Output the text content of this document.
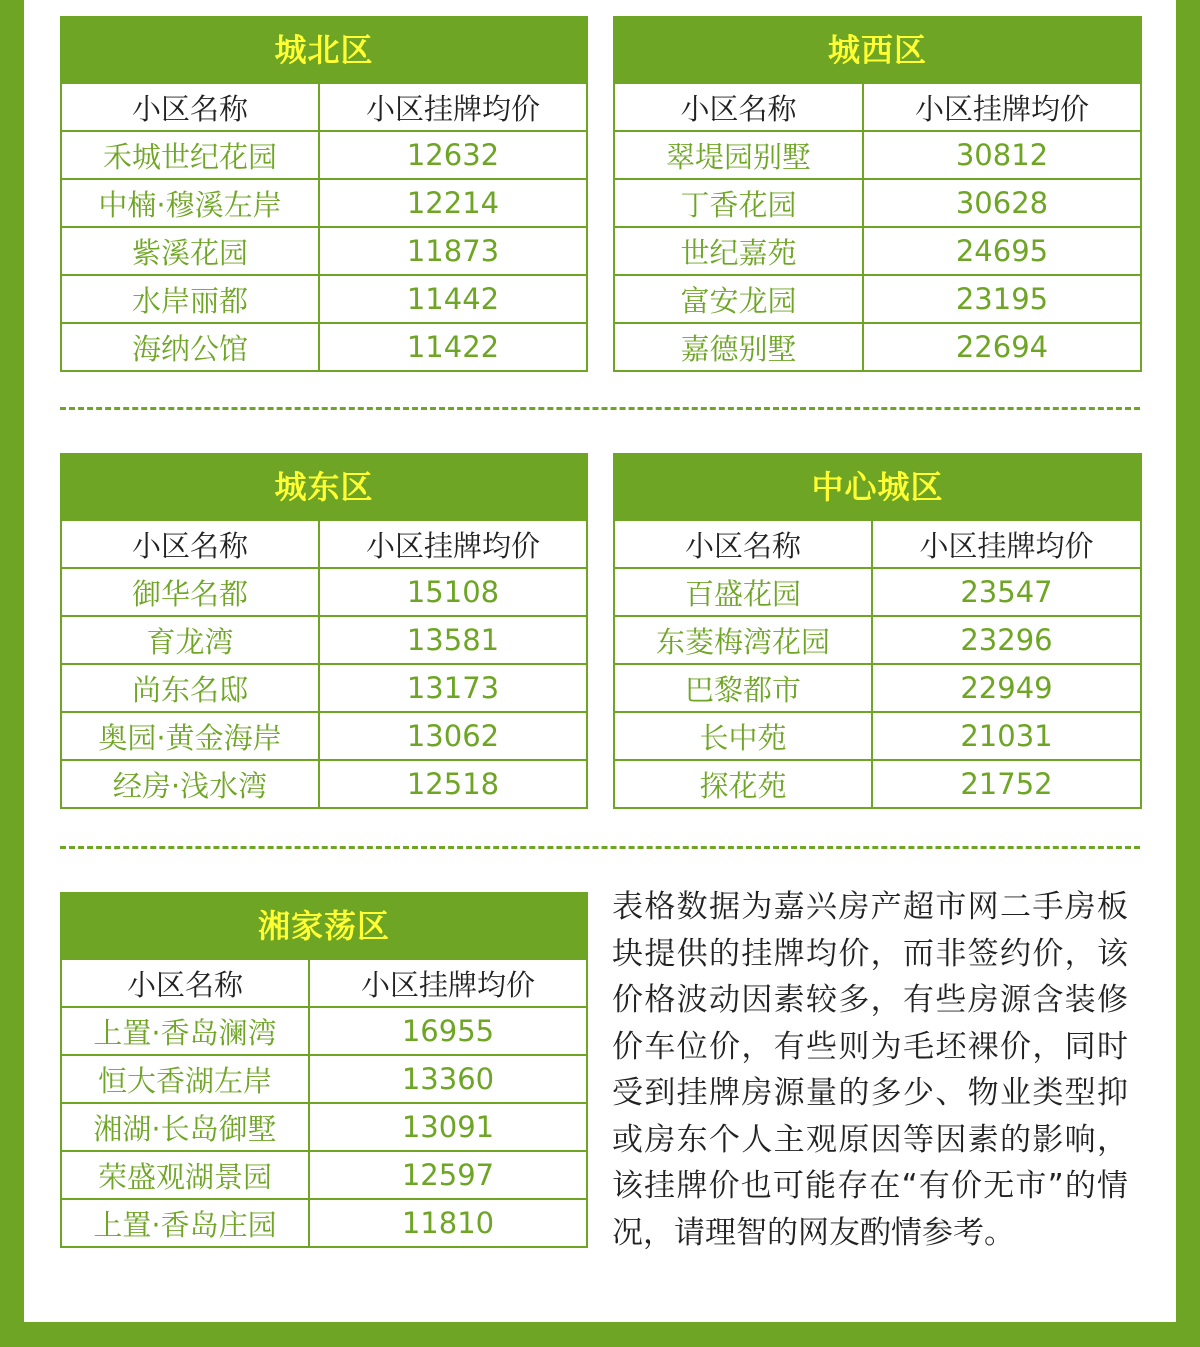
城北区
小区名称	小区挂牌均价
禾城世纪花园	12632
中楠·穆溪左岸	12214
紫溪花园	11873
水岸丽都	11442
海纳公馆	11422
城西区
小区名称	小区挂牌均价
翠堤园别墅	30812
丁香花园	30628
世纪嘉苑	24695
富安龙园	23195
嘉德别墅	22694
城东区
小区名称	小区挂牌均价
御华名都	15108
育龙湾	13581
尚东名邸	13173
奥园·黄金海岸	13062
经房·浅水湾	12518
中心城区
小区名称	小区挂牌均价
百盛花园	23547
东菱梅湾花园	23296
巴黎都市	22949
长中苑	21031
探花苑	21752
湘家荡区
小区名称	小区挂牌均价
上置·香岛澜湾	16955
恒大香湖左岸	13360
湘湖·长岛御墅	13091
荣盛观湖景园	12597
上置·香岛庄园	11810
表格数据为嘉兴房产超市网二手房板块提供的挂牌均价，而非签约价，该价格波动因素较多，有些房源含装修价车位价，有些则为毛坯裸价，同时受到挂牌房源量的多少、物业类型抑或房东个人主观原因等因素的影响，该挂牌价也可能存在“有价无市”的情况，请理智的网友酌情参考。
